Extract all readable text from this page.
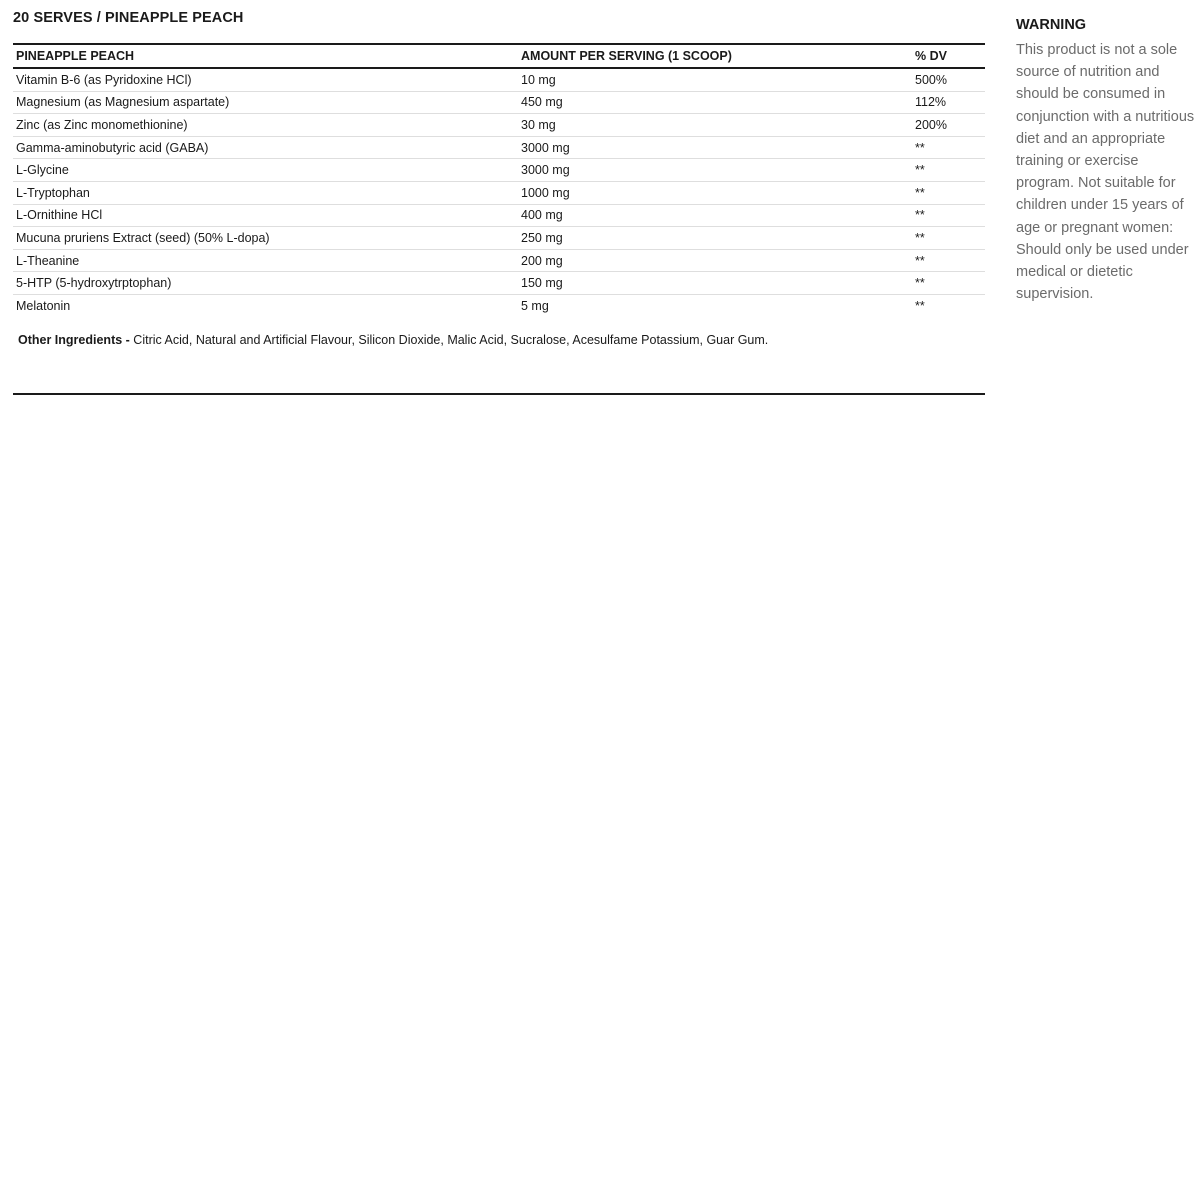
20 SERVES / PINEAPPLE PEACH
PINEAPPLE PEACH	AMOUNT PER SERVING (1 SCOOP)	% DV
Vitamin B-6 (as Pyridoxine HCl)	10 mg	500%
Magnesium (as Magnesium aspartate)	450 mg	112%
Zinc (as Zinc monomethionine)	30 mg	200%
Gamma-aminobutyric acid (GABA)	3000 mg	**
L-Glycine	3000 mg	**
L-Tryptophan	1000 mg	**
L-Ornithine HCl	400 mg	**
Mucuna pruriens Extract (seed) (50% L-dopa)	250 mg	**
L-Theanine	200 mg	**
5-HTP (5-hydroxytrptophan)	150 mg	**
Melatonin	5 mg	**
Other Ingredients - Citric Acid, Natural and Artificial Flavour, Silicon Dioxide, Malic Acid, Sucralose, Acesulfame Potassium, Guar Gum.
WARNING
This product is not a sole source of nutrition and should be consumed in conjunction with a nutritious diet and an appropriate training or exercise program. Not suitable for children under 15 years of age or pregnant women: Should only be used under medical or dietetic supervision.
